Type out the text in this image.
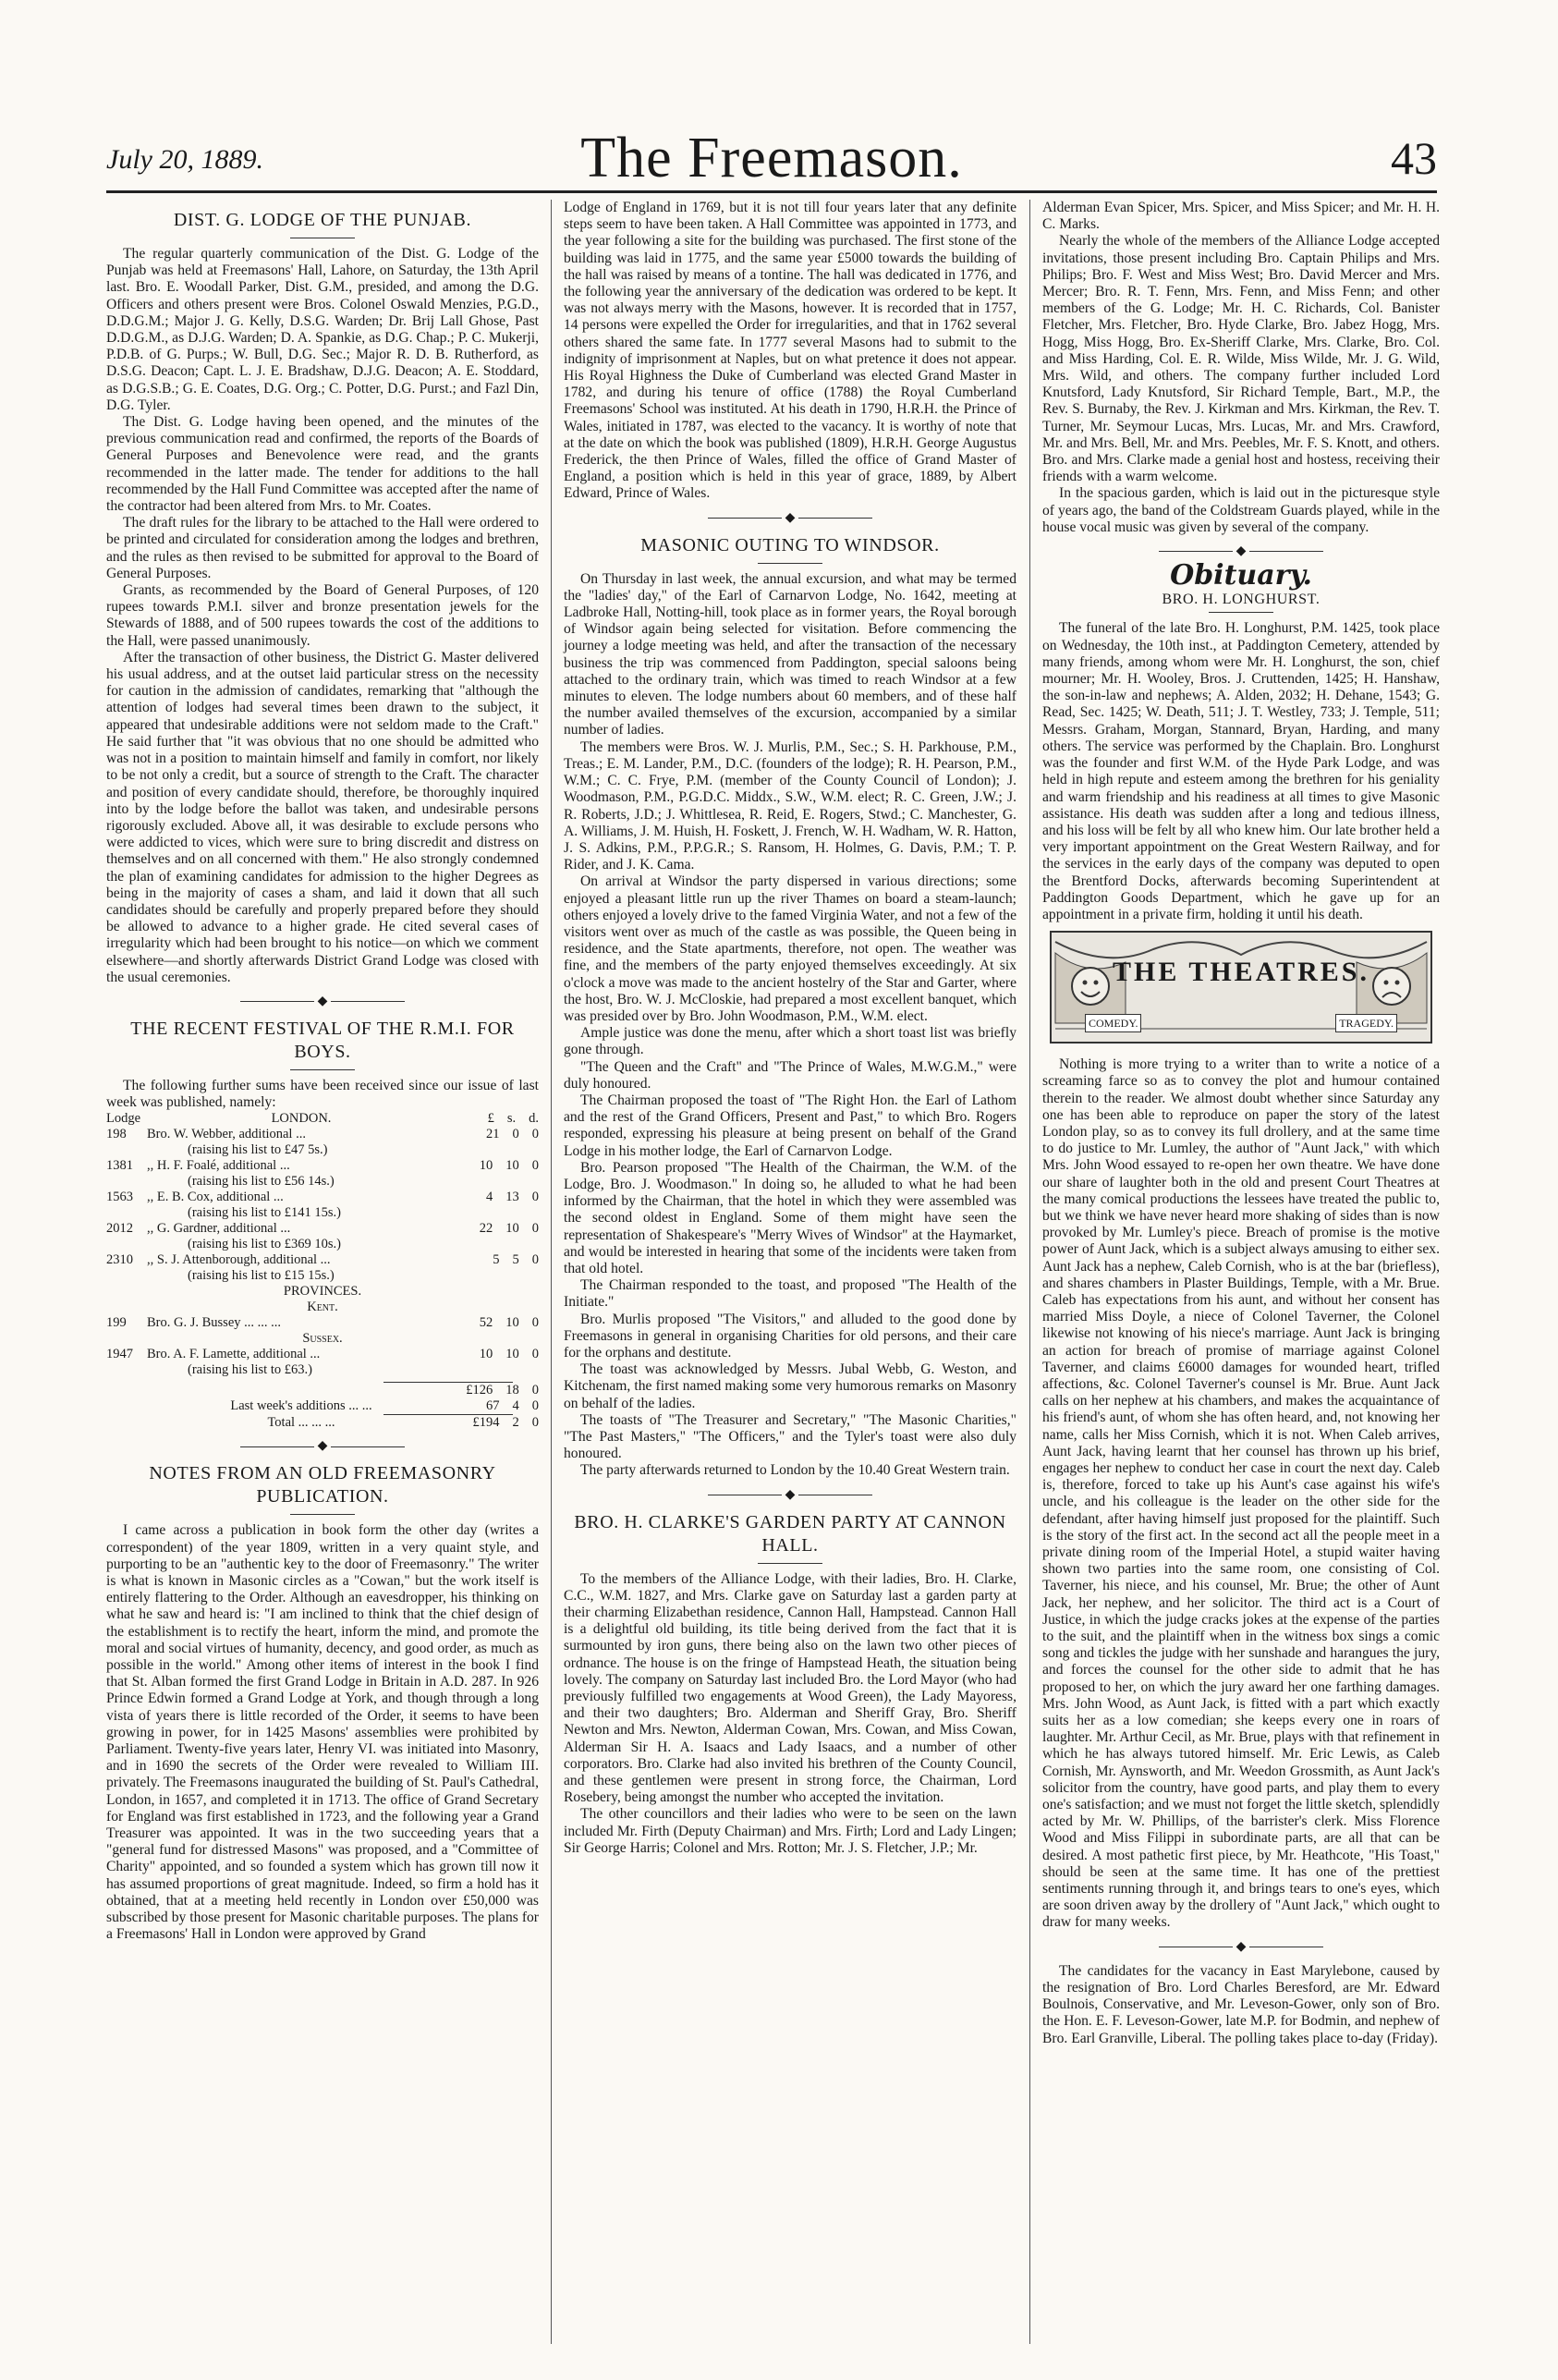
July 20, 1889.	The Freemason.	43
DIST. G. LODGE OF THE PUNJAB.

The regular quarterly communication of the Dist. G. Lodge of the Punjab was held at Freemasons' Hall, Lahore, on Saturday, the 13th April last. Bro. E. Woodall Parker, Dist. G.M., presided, and among the D.G. Officers and others present were Bros. Colonel Oswald Menzies, P.G.D., D.D.G.M.; Major J. G. Kelly, D.S.G. Warden; Dr. Brij Lall Ghose, Past D.D.G.M., as D.J.G. Warden; D. A. Spankie, as D.G. Chap.; P. C. Mukerji, P.D.B. of G. Purps.; W. Bull, D.G. Sec.; Major R. D. B. Rutherford, as D.S.G. Deacon; Capt. L. J. E. Bradshaw, D.J.G. Deacon; A. E. Stoddard, as D.G.S.B.; G. E. Coates, D.G. Org.; C. Potter, D.G. Purst.; and Fazl Din, D.G. Tyler.

The Dist. G. Lodge having been opened, and the minutes of the previous communication read and confirmed, the reports of the Boards of General Purposes and Benevolence were read, and the grants recommended in the latter made. The tender for additions to the hall recommended by the Hall Fund Committee was accepted after the name of the contractor had been altered from Mrs. to Mr. Coates.

The draft rules for the library to be attached to the Hall were ordered to be printed and circulated for consideration among the lodges and brethren, and the rules as then revised to be submitted for approval to the Board of General Purposes.

Grants, as recommended by the Board of General Purposes, of 120 rupees towards P.M.I. silver and bronze presentation jewels for the Stewards of 1888, and of 500 rupees towards the cost of the additions to the Hall, were passed unanimously.

After the transaction of other business, the District G. Master delivered his usual address, and at the outset laid particular stress on the necessity for caution in the admission of candidates, remarking that "although the attention of lodges had several times been drawn to the subject, it appeared that undesirable additions were not seldom made to the Craft." He said further that "it was obvious that no one should be admitted who was not in a position to maintain himself and family in comfort, nor likely to be not only a credit, but a source of strength to the Craft. The character and position of every candidate should, therefore, be thoroughly inquired into by the lodge before the ballot was taken, and undesirable persons rigorously excluded. Above all, it was desirable to exclude persons who were addicted to vices, which were sure to bring discredit and distress on themselves and on all concerned with them." He also strongly condemned the plan of examining candidates for admission to the higher Degrees as being in the majority of cases a sham, and laid it down that all such candidates should be carefully and properly prepared before they should be allowed to advance to a higher grade. He cited several cases of irregularity which had been brought to his notice—on which we comment elsewhere—and shortly afterwards District Grand Lodge was closed with the usual ceremonies.

◆
THE RECENT FESTIVAL OF THE R.M.I. FOR BOYS.

The following further sums have been received since our issue of last week was published, namely:

Lodge	LONDON.	£ s. d.
198	Bro. W. Webber, additional ...	21 0 0
(raising his list to £47 5s.)
1381	,, H. F. Foalé, additional ...	10 10 0
(raising his list to £56 14s.)
1563	,, E. B. Cox, additional ...	4 13 0
(raising his list to £141 15s.)
2012	,, G. Gardner, additional ...	22 10 0
(raising his list to £369 10s.)
2310	,, S. J. Attenborough, additional ...	5 5 0
(raising his list to £15 15s.)
PROVINCES.
Kent.
199	Bro. G. J. Bussey ... ... ...	52 10 0
Sussex.
1947	Bro. A. F. Lamette, additional ...	10 10 0
(raising his list to £63.)
£126 18 0
Last week's additions ... ...	67 4 0
Total ... ... ...	£194 2 0
◆
NOTES FROM AN OLD FREEMASONRY PUBLICATION.

I came across a publication in book form the other day (writes a correspondent) of the year 1809, written in a very quaint style, and purporting to be an "authentic key to the door of Freemasonry." The writer is what is known in Masonic circles as a "Cowan," but the work itself is entirely flattering to the Order. Although an eavesdropper, his thinking on what he saw and heard is: "I am inclined to think that the chief design of the establishment is to rectify the heart, inform the mind, and promote the moral and social virtues of humanity, decency, and good order, as much as possible in the world." Among other items of interest in the book I find that St. Alban formed the first Grand Lodge in Britain in A.D. 287. In 926 Prince Edwin formed a Grand Lodge at York, and though through a long vista of years there is little recorded of the Order, it seems to have been growing in power, for in 1425 Masons' assemblies were prohibited by Parliament. Twenty-five years later, Henry VI. was initiated into Masonry, and in 1690 the secrets of the Order were revealed to William III. privately. The Freemasons inaugurated the building of St. Paul's Cathedral, London, in 1657, and completed it in 1713. The office of Grand Secretary for England was first established in 1723, and the following year a Grand Treasurer was appointed. It was in the two succeeding years that a "general fund for distressed Masons" was proposed, and a "Committee of Charity" appointed, and so founded a system which has grown till now it has assumed proportions of great magnitude. Indeed, so firm a hold has it obtained, that at a meeting held recently in London over £50,000 was subscribed by those present for Masonic charitable purposes. The plans for a Freemasons' Hall in London were approved by Grand

Lodge of England in 1769, but it is not till four years later that any definite steps seem to have been taken. A Hall Committee was appointed in 1773, and the year following a site for the building was purchased. The first stone of the building was laid in 1775, and the same year £5000 towards the building of the hall was raised by means of a tontine. The hall was dedicated in 1776, and the following year the anniversary of the dedication was ordered to be kept. It was not always merry with the Masons, however. It is recorded that in 1757, 14 persons were expelled the Order for irregularities, and that in 1762 several others shared the same fate. In 1777 several Masons had to submit to the indignity of imprisonment at Naples, but on what pretence it does not appear. His Royal Highness the Duke of Cumberland was elected Grand Master in 1782, and during his tenure of office (1788) the Royal Cumberland Freemasons' School was instituted. At his death in 1790, H.R.H. the Prince of Wales, initiated in 1787, was elected to the vacancy. It is worthy of note that at the date on which the book was published (1809), H.R.H. George Augustus Frederick, the then Prince of Wales, filled the office of Grand Master of England, a position which is held in this year of grace, 1889, by Albert Edward, Prince of Wales.

◆
MASONIC OUTING TO WINDSOR.

On Thursday in last week, the annual excursion, and what may be termed the "ladies' day," of the Earl of Carnarvon Lodge, No. 1642, meeting at Ladbroke Hall, Notting-hill, took place as in former years, the Royal borough of Windsor again being selected for visitation. Before commencing the journey a lodge meeting was held, and after the transaction of the necessary business the trip was commenced from Paddington, special saloons being attached to the ordinary train, which was timed to reach Windsor at a few minutes to eleven. The lodge numbers about 60 members, and of these half the number availed themselves of the excursion, accompanied by a similar number of ladies.

The members were Bros. W. J. Murlis, P.M., Sec.; S. H. Parkhouse, P.M., Treas.; E. M. Lander, P.M., D.C. (founders of the lodge); R. H. Pearson, P.M., W.M.; C. C. Frye, P.M. (member of the County Council of London); J. Woodmason, P.M., P.G.D.C. Middx., S.W., W.M. elect; R. C. Green, J.W.; J. R. Roberts, J.D.; J. Whittlesea, R. Reid, E. Rogers, Stwd.; C. Manchester, G. A. Williams, J. M. Huish, H. Foskett, J. French, W. H. Wadham, W. R. Hatton, J. S. Adkins, P.M., P.P.G.R.; S. Ransom, H. Holmes, G. Davis, P.M.; T. P. Rider, and J. K. Cama.

On arrival at Windsor the party dispersed in various directions; some enjoyed a pleasant little run up the river Thames on board a steam-launch; others enjoyed a lovely drive to the famed Virginia Water, and not a few of the visitors went over as much of the castle as was possible, the Queen being in residence, and the State apartments, therefore, not open. The weather was fine, and the members of the party enjoyed themselves exceedingly. At six o'clock a move was made to the ancient hostelry of the Star and Garter, where the host, Bro. W. J. McCloskie, had prepared a most excellent banquet, which was presided over by Bro. John Woodmason, P.M., W.M. elect.

Ample justice was done the menu, after which a short toast list was briefly gone through.

"The Queen and the Craft" and "The Prince of Wales, M.W.G.M.," were duly honoured.

The Chairman proposed the toast of "The Right Hon. the Earl of Lathom and the rest of the Grand Officers, Present and Past," to which Bro. Rogers responded, expressing his pleasure at being present on behalf of the Grand Lodge in his mother lodge, the Earl of Carnarvon Lodge.

Bro. Pearson proposed "The Health of the Chairman, the W.M. of the Lodge, Bro. J. Woodmason." In doing so, he alluded to what he had been informed by the Chairman, that the hotel in which they were assembled was the second oldest in England. Some of them might have seen the representation of Shakespeare's "Merry Wives of Windsor" at the Haymarket, and would be interested in hearing that some of the incidents were taken from that old hotel.

The Chairman responded to the toast, and proposed "The Health of the Initiate."

Bro. Murlis proposed "The Visitors," and alluded to the good done by Freemasons in general in organising Charities for old persons, and their care for the orphans and destitute.

The toast was acknowledged by Messrs. Jubal Webb, G. Weston, and Kitchenam, the first named making some very humorous remarks on Masonry on behalf of the ladies.

The toasts of "The Treasurer and Secretary," "The Masonic Charities," "The Past Masters," "The Officers," and the Tyler's toast were also duly honoured.

The party afterwards returned to London by the 10.40 Great Western train.

◆
BRO. H. CLARKE'S GARDEN PARTY AT CANNON HALL.

To the members of the Alliance Lodge, with their ladies, Bro. H. Clarke, C.C., W.M. 1827, and Mrs. Clarke gave on Saturday last a garden party at their charming Elizabethan residence, Cannon Hall, Hampstead. Cannon Hall is a delightful old building, its title being derived from the fact that it is surmounted by iron guns, there being also on the lawn two other pieces of ordnance. The house is on the fringe of Hampstead Heath, the situation being lovely. The company on Saturday last included Bro. the Lord Mayor (who had previously fulfilled two engagements at Wood Green), the Lady Mayoress, and their two daughters; Bro. Alderman and Sheriff Gray, Bro. Sheriff Newton and Mrs. Newton, Alderman Cowan, Mrs. Cowan, and Miss Cowan, Alderman Sir H. A. Isaacs and Lady Isaacs, and a number of other corporators. Bro. Clarke had also invited his brethren of the County Council, and these gentlemen were present in strong force, the Chairman, Lord Rosebery, being amongst the number who accepted the invitation.

The other councillors and their ladies who were to be seen on the lawn included Mr. Firth (Deputy Chairman) and Mrs. Firth; Lord and Lady Lingen; Sir George Harris; Colonel and Mrs. Rotton; Mr. J. S. Fletcher, J.P.; Mr.

Alderman Evan Spicer, Mrs. Spicer, and Miss Spicer; and Mr. H. H. C. Marks.

Nearly the whole of the members of the Alliance Lodge accepted invitations, those present including Bro. Captain Philips and Mrs. Philips; Bro. F. West and Miss West; Bro. David Mercer and Mrs. Mercer; Bro. R. T. Fenn, Mrs. Fenn, and Miss Fenn; and other members of the G. Lodge; Mr. H. C. Richards, Col. Banister Fletcher, Mrs. Fletcher, Bro. Hyde Clarke, Bro. Jabez Hogg, Mrs. Hogg, Miss Hogg, Bro. Ex-Sheriff Clarke, Mrs. Clarke, Bro. Col. and Miss Harding, Col. E. R. Wilde, Miss Wilde, Mr. J. G. Wild, Mrs. Wild, and others. The company further included Lord Knutsford, Lady Knutsford, Sir Richard Temple, Bart., M.P., the Rev. S. Burnaby, the Rev. J. Kirkman and Mrs. Kirkman, the Rev. T. Turner, Mr. Seymour Lucas, Mrs. Lucas, Mr. and Mrs. Crawford, Mr. and Mrs. Bell, Mr. and Mrs. Peebles, Mr. F. S. Knott, and others. Bro. and Mrs. Clarke made a genial host and hostess, receiving their friends with a warm welcome.

In the spacious garden, which is laid out in the picturesque style of years ago, the band of the Coldstream Guards played, while in the house vocal music was given by several of the company.

◆
Obituary.
BRO. H. LONGHURST.

The funeral of the late Bro. H. Longhurst, P.M. 1425, took place on Wednesday, the 10th inst., at Paddington Cemetery, attended by many friends, among whom were Mr. H. Longhurst, the son, chief mourner; Mr. H. Wooley, Bros. J. Cruttenden, 1425; H. Hanshaw, the son-in-law and nephews; A. Alden, 2032; H. Dehane, 1543; G. Read, Sec. 1425; W. Death, 511; J. T. Westley, 733; J. Temple, 511; Messrs. Graham, Morgan, Stannard, Bryan, Harding, and many others. The service was performed by the Chaplain. Bro. Longhurst was the founder and first W.M. of the Hyde Park Lodge, and was held in high repute and esteem among the brethren for his geniality and warm friendship and his readiness at all times to give Masonic assistance. His death was sudden after a long and tedious illness, and his loss will be felt by all who knew him. Our late brother held a very important appointment on the Great Western Railway, and for the services in the early days of the company was deputed to open the Brentford Docks, afterwards becoming Superintendent at Paddington Goods Department, which he gave up for an appointment in a private firm, holding it until his death.

THE THEATRES.
COMEDY.	TRAGEDY.

Nothing is more trying to a writer than to write a notice of a screaming farce so as to convey the plot and humour contained therein to the reader. We almost doubt whether since Saturday any one has been able to reproduce on paper the story of the latest London play, so as to convey its full drollery, and at the same time to do justice to Mr. Lumley, the author of "Aunt Jack," with which Mrs. John Wood essayed to re-open her own theatre. We have done our share of laughter both in the old and present Court Theatres at the many comical productions the lessees have treated the public to, but we think we have never heard more shaking of sides than is now provoked by Mr. Lumley's piece. Breach of promise is the motive power of Aunt Jack, which is a subject always amusing to either sex. Aunt Jack has a nephew, Caleb Cornish, who is at the bar (briefless), and shares chambers in Plaster Buildings, Temple, with a Mr. Brue. Caleb has expectations from his aunt, and without her consent has married Miss Doyle, a niece of Colonel Taverner, the Colonel likewise not knowing of his niece's marriage. Aunt Jack is bringing an action for breach of promise of marriage against Colonel Taverner, and claims £6000 damages for wounded heart, trifled affections, &c. Colonel Taverner's counsel is Mr. Brue. Aunt Jack calls on her nephew at his chambers, and makes the acquaintance of his friend's aunt, of whom she has often heard, and, not knowing her name, calls her Miss Cornish, which it is not. When Caleb arrives, Aunt Jack, having learnt that her counsel has thrown up his brief, engages her nephew to conduct her case in court the next day. Caleb is, therefore, forced to take up his Aunt's case against his wife's uncle, and his colleague is the leader on the other side for the defendant, after having himself just proposed for the plaintiff. Such is the story of the first act. In the second act all the people meet in a private dining room of the Imperial Hotel, a stupid waiter having shown two parties into the same room, one consisting of Col. Taverner, his niece, and his counsel, Mr. Brue; the other of Aunt Jack, her nephew, and her solicitor. The third act is a Court of Justice, in which the judge cracks jokes at the expense of the parties to the suit, and the plaintiff when in the witness box sings a comic song and tickles the judge with her sunshade and harangues the jury, and forces the counsel for the other side to admit that he has proposed to her, on which the jury award her one farthing damages. Mrs. John Wood, as Aunt Jack, is fitted with a part which exactly suits her as a low comedian; she keeps every one in roars of laughter. Mr. Arthur Cecil, as Mr. Brue, plays with that refinement in which he has always tutored himself. Mr. Eric Lewis, as Caleb Cornish, Mr. Aynsworth, and Mr. Weedon Grossmith, as Aunt Jack's solicitor from the country, have good parts, and play them to every one's satisfaction; and we must not forget the little sketch, splendidly acted by Mr. W. Phillips, of the barrister's clerk. Miss Florence Wood and Miss Filippi in subordinate parts, are all that can be desired. A most pathetic first piece, by Mr. Heathcote, "His Toast," should be seen at the same time. It has one of the prettiest sentiments running through it, and brings tears to one's eyes, which are soon driven away by the drollery of "Aunt Jack," which ought to draw for many weeks.

◆

The candidates for the vacancy in East Marylebone, caused by the resignation of Bro. Lord Charles Beresford, are Mr. Edward Boulnois, Conservative, and Mr. Leveson-Gower, only son of Bro. the Hon. E. F. Leveson-Gower, late M.P. for Bodmin, and nephew of Bro. Earl Granville, Liberal. The polling takes place to-day (Friday).
